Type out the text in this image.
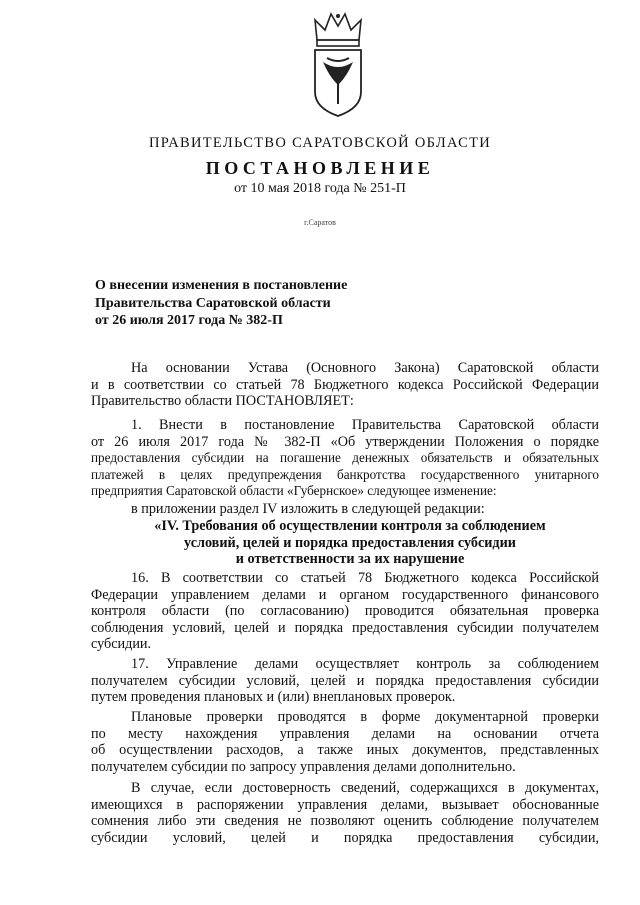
ПРАВИТЕЛЬСТВО САРАТОВСКОЙ ОБЛАСТИ
ПОСТАНОВЛЕНИЕ
от 10 мая 2018 года № 251-П
г.Саратов
О внесении изменения в постановление
Правительства Саратовской области
от 26 июля 2017 года № 382-П
На основании Устава (Основного Закона) Саратовской области
и в соответствии со статьей 78 Бюджетного кодекса Российской Федерации
Правительство области ПОСТАНОВЛЯЕТ:
1. Внести в постановление Правительства Саратовской области
от 26 июля 2017 года № 382-П «Об утверждении Положения о порядке
предоставления субсидии на погашение денежных обязательств и обязательных
платежей в целях предупреждения банкротства государственного унитарного
предприятия Саратовской области «Губернское» следующее изменение:
в приложении раздел IV изложить в следующей редакции:
«IV. Требования об осуществлении контроля за соблюдением
условий, целей и порядка предоставления субсидии
и ответственности за их нарушение
16. В соответствии со статьей 78 Бюджетного кодекса Российской
Федерации управлением делами и органом государственного финансового
контроля области (по согласованию) проводится обязательная проверка
соблюдения условий, целей и порядка предоставления субсидии получателем
субсидии.
17. Управление делами осуществляет контроль за соблюдением
получателем субсидии условий, целей и порядка предоставления субсидии
путем проведения плановых и (или) внеплановых проверок.
Плановые проверки проводятся в форме документарной проверки
по месту нахождения управления делами на основании отчета
об осуществлении расходов, а также иных документов, представленных
получателем субсидии по запросу управления делами дополнительно.
В случае, если достоверность сведений, содержащихся в документах,
имеющихся в распоряжении управления делами, вызывает обоснованные
сомнения либо эти сведения не позволяют оценить соблюдение получателем
субсидии условий, целей и порядка предоставления субсидии,
